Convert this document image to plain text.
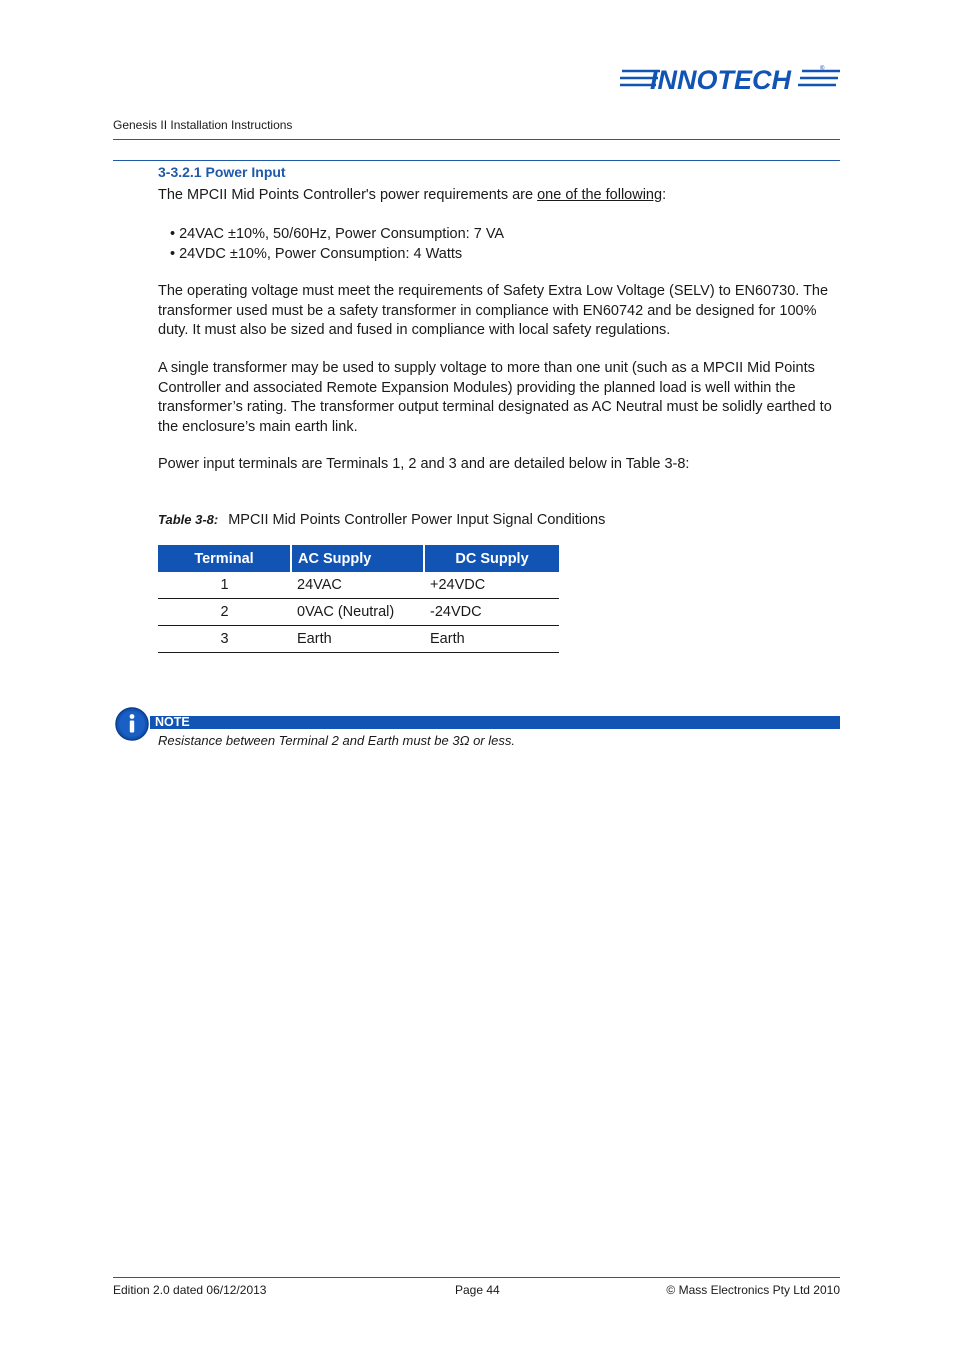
INNOTECH	®
Genesis II Installation Instructions
3-3.2.1 Power Input

The MPCII Mid Points Controller's power requirements are one of the following:

• 24VAC ±10%, 50/60Hz, Power Consumption: 7 VA
• 24VDC ±10%, Power Consumption: 4 Watts

The operating voltage must meet the requirements of Safety Extra Low Voltage (SELV) to EN60730. The transformer used must be a safety transformer in compliance with EN60742 and be designed for 100% duty. It must also be sized and fused in compliance with local safety regulations.

A single transformer may be used to supply voltage to more than one unit (such as a MPCII Mid Points Controller and associated Remote Expansion Modules) providing the planned load is well within the transformer’s rating. The transformer output terminal designated as AC Neutral must be solidly earthed to the enclosure’s main earth link.

Power input terminals are Terminals 1, 2 and 3 and are detailed below in Table 3-8:

Table 3-8: MPCII Mid Points Controller Power Input Signal Conditions
Terminal	AC Supply	DC Supply
1	24VAC	+24VDC
2	0VAC (Neutral)	-24VDC
3	Earth	Earth
NOTE
Resistance between Terminal 2 and Earth must be 3Ω or less.
Edition 2.0 dated 06/12/2013	Page 44	© Mass Electronics Pty Ltd 2010
